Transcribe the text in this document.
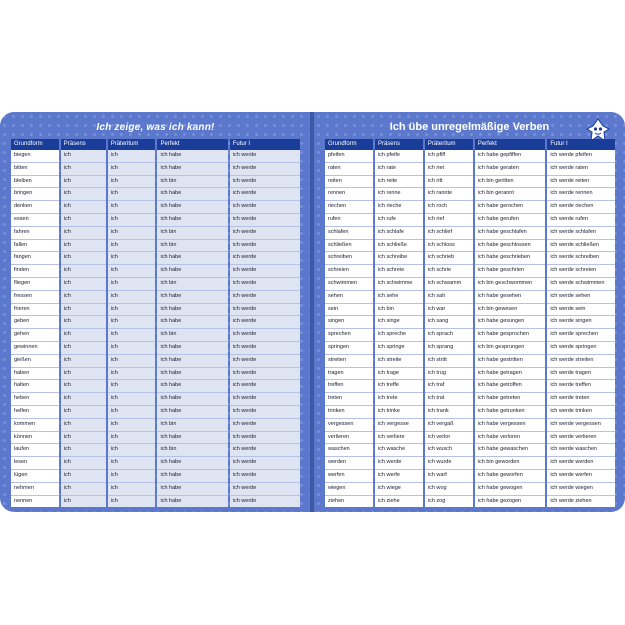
Ich zeige, was ich kann!
Grundform	Präsens	Präteritum	Perfekt	Futur I
biegen	ich	ich	ich habe	ich werde
bitten	ich	ich	ich habe	ich werde
bleiben	ich	ich	ich bin	ich werde
bringen	ich	ich	ich habe	ich werde
denken	ich	ich	ich habe	ich werde
essen	ich	ich	ich habe	ich werde
fahren	ich	ich	ich bin	ich werde
fallen	ich	ich	ich bin	ich werde
fangen	ich	ich	ich habe	ich werde
finden	ich	ich	ich habe	ich werde
fliegen	ich	ich	ich bin	ich werde
fressen	ich	ich	ich habe	ich werde
frieren	ich	ich	ich habe	ich werde
geben	ich	ich	ich habe	ich werde
gehen	ich	ich	ich bin	ich werde
gewinnen	ich	ich	ich habe	ich werde
gießen	ich	ich	ich habe	ich werde
haben	ich	ich	ich habe	ich werde
halten	ich	ich	ich habe	ich werde
heben	ich	ich	ich habe	ich werde
helfen	ich	ich	ich habe	ich werde
kommen	ich	ich	ich bin	ich werde
können	ich	ich	ich habe	ich werde
laufen	ich	ich	ich bin	ich werde
lesen	ich	ich	ich habe	ich werde
lügen	ich	ich	ich habe	ich werde
nehmen	ich	ich	ich habe	ich werde
nennen	ich	ich	ich habe	ich werde
Ich übe unregelmäßige Verben
Grundform	Präsens	Präteritum	Perfekt	Futur I
pfeifen	ich pfeife	ich pfiff	ich habe gepfiffen	ich werde pfeifen
raten	ich rate	ich riet	ich habe geraten	ich werde raten
reiten	ich reite	ich ritt	ich bin geritten	ich werde reiten
rennen	ich renne	ich rannte	ich bin gerannt	ich werde rennen
riechen	ich rieche	ich roch	ich habe gerochen	ich werde riechen
rufen	ich rufe	ich rief	ich habe gerufen	ich werde rufen
schlafen	ich schlafe	ich schlief	ich habe geschlafen	ich werde schlafen
schließen	ich schließe	ich schloss	ich habe geschlossen	ich werde schließen
schreiben	ich schreibe	ich schrieb	ich habe geschrieben	ich werde schreiben
schreien	ich schreie	ich schrie	ich habe geschrien	ich werde schreien
schwimmen	ich schwimme	ich schwamm	ich bin geschwommen	ich werde schwimmen
sehen	ich sehe	ich sah	ich habe gesehen	ich werde sehen
sein	ich bin	ich war	ich bin gewesen	ich werde sein
singen	ich singe	ich sang	ich habe gesungen	ich werde singen
sprechen	ich spreche	ich sprach	ich habe gesprochen	ich werde sprechen
springen	ich springe	ich sprang	ich bin gesprungen	ich werde springen
streiten	ich streite	ich stritt	ich habe gestritten	ich werde streiten
tragen	ich trage	ich trug	ich habe getragen	ich werde tragen
treffen	ich treffe	ich traf	ich habe getroffen	ich werde treffen
treten	ich trete	ich trat	ich habe getreten	ich werde treten
trinken	ich trinke	ich trank	ich habe getrunken	ich werde trinken
vergessen	ich vergesse	ich vergaß	ich habe vergessen	ich werde vergessen
verlieren	ich verliere	ich verlor	ich habe verloren	ich werde verlieren
waschen	ich wasche	ich wusch	ich habe gewaschen	ich werde waschen
werden	ich werde	ich wurde	ich bin geworden	ich werde werden
werfen	ich werfe	ich warf	ich habe geworfen	ich werde werfen
wiegen	ich wiege	ich wog	ich habe gewogen	ich werde wiegen
ziehen	ich ziehe	ich zog	ich habe gezogen	ich werde ziehen
